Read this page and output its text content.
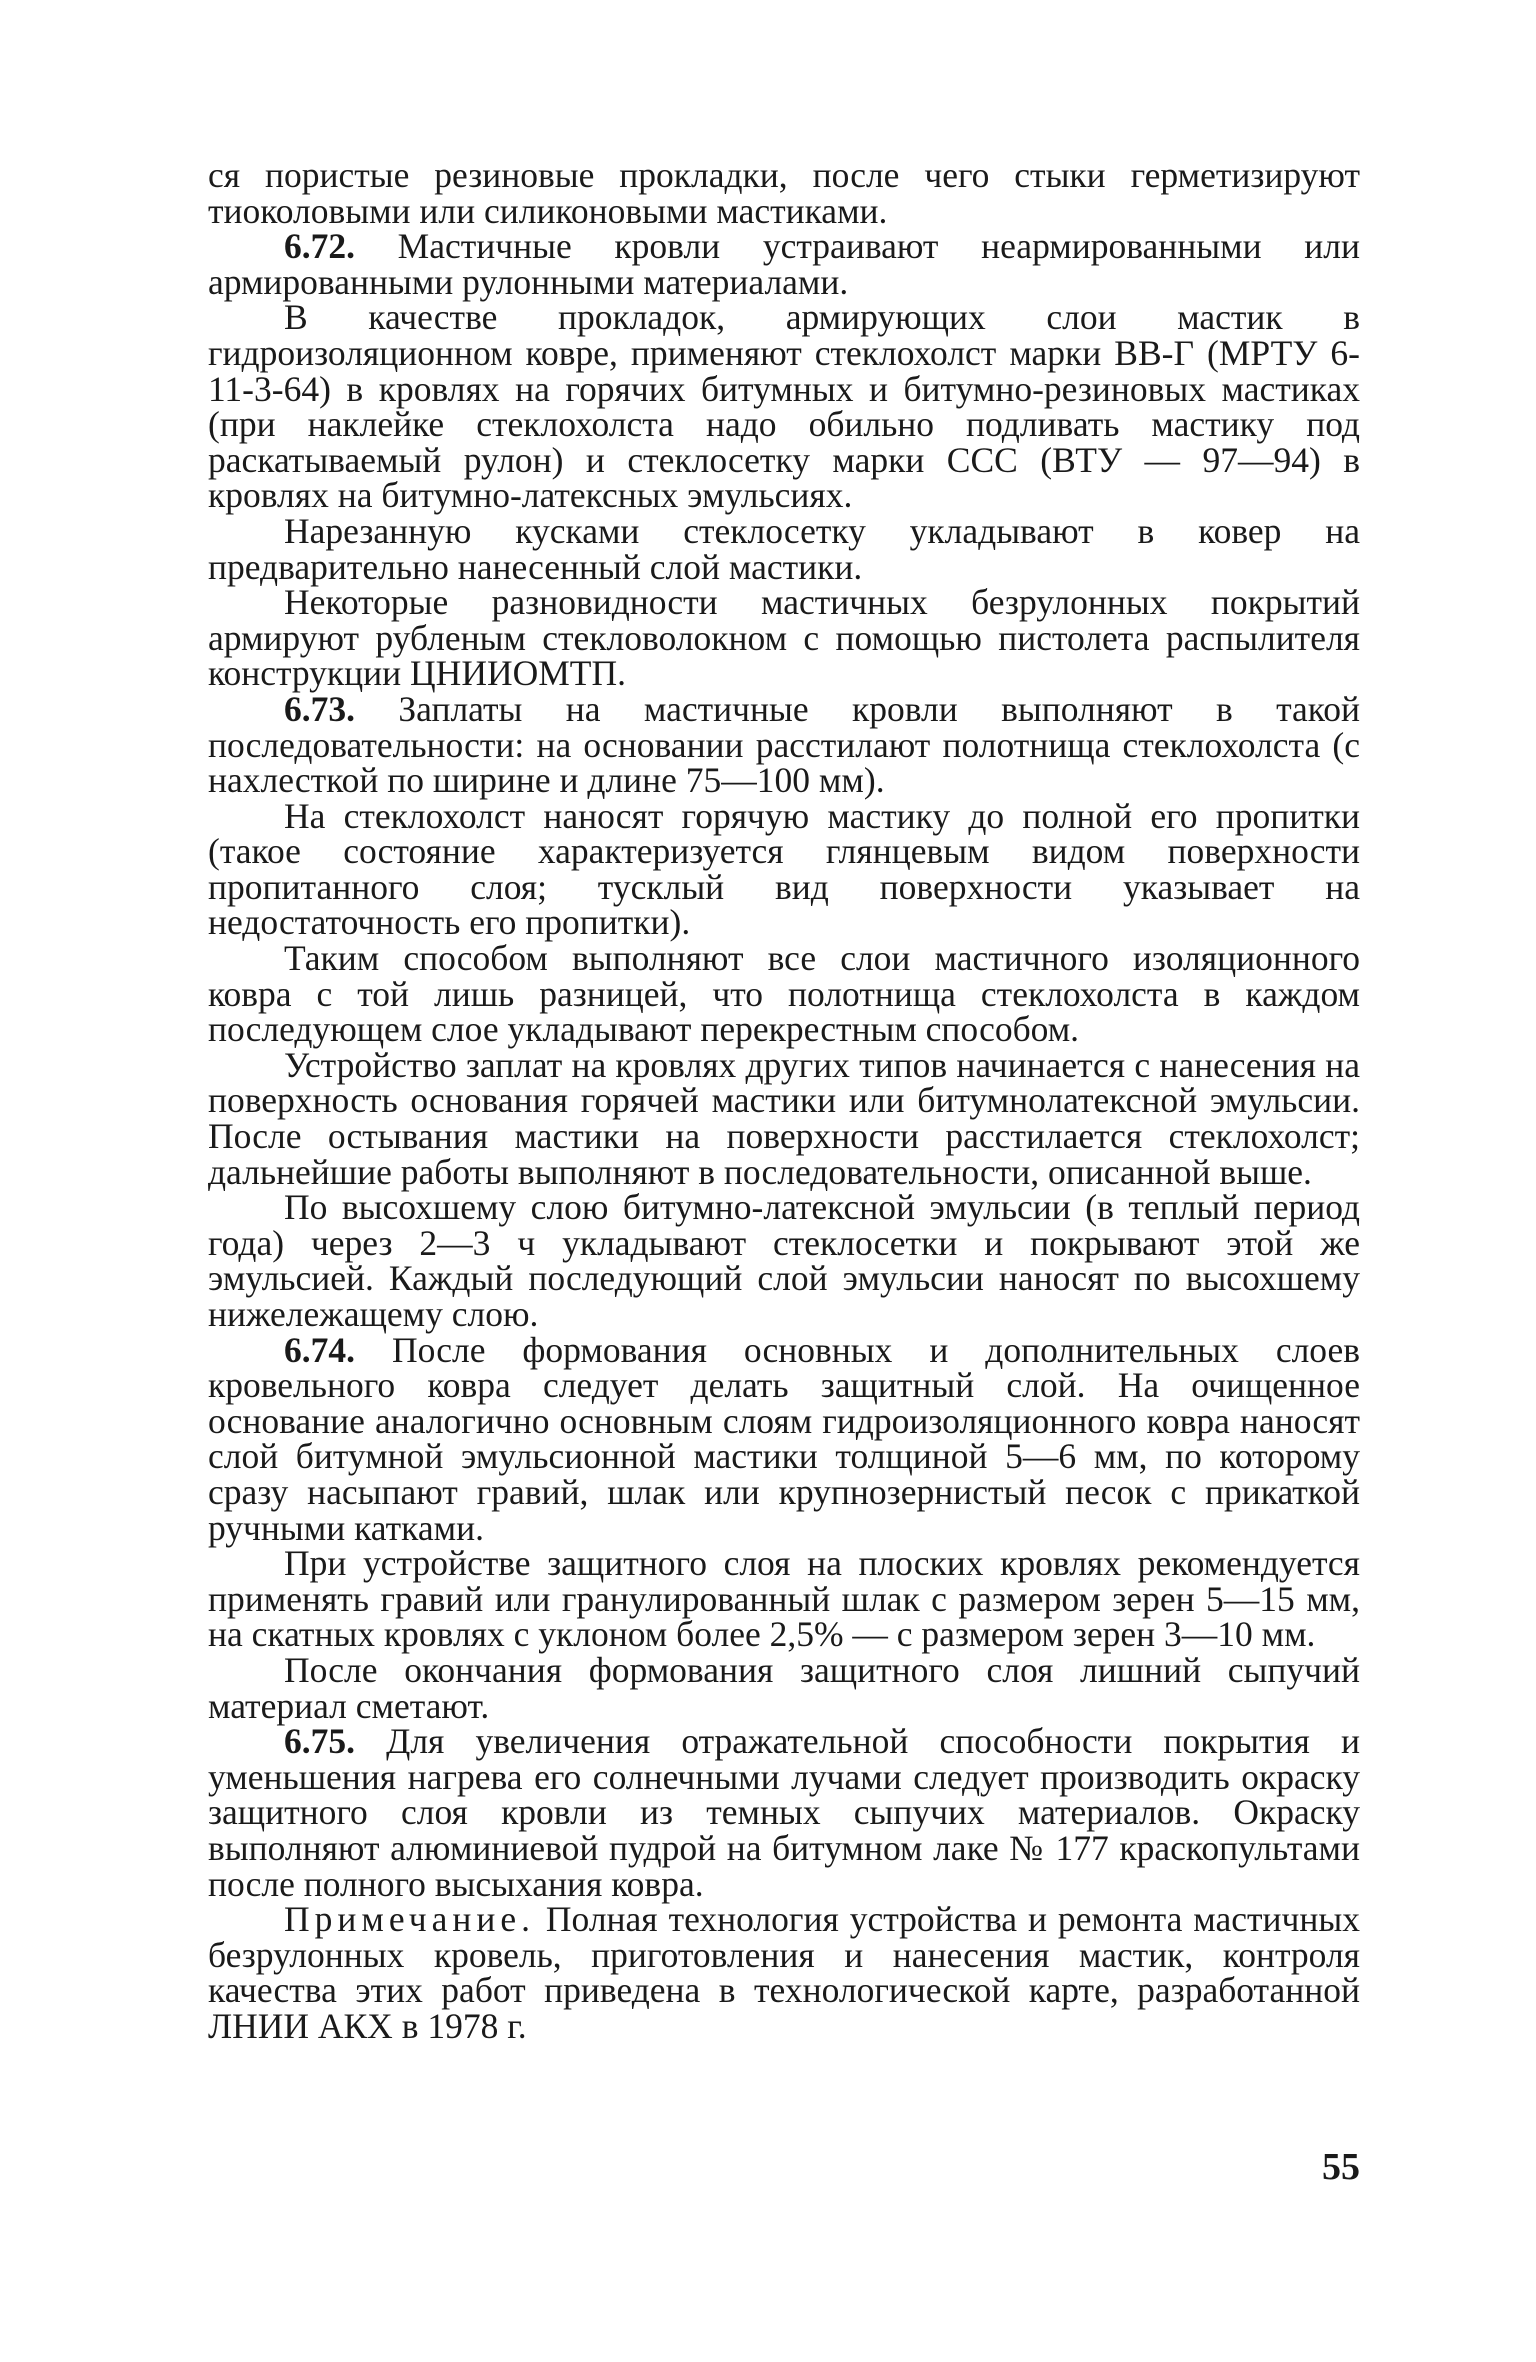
ся пористые резиновые прокладки, после чего стыки герметизируют тиоколовыми или силиконовыми мастиками.

6.72. Мастичные кровли устраивают неармированными или армированными рулонными материалами.

В качестве прокладок, армирующих слои мастик в гидроизоляционном ковре, применяют стеклохолст марки ВВ-Г (МРТУ 6-11-3-64) в кровлях на горячих битумных и битумно-резиновых мастиках (при наклейке стеклохолста надо обильно подливать мастику под раскатываемый рулон) и стеклосетку марки ССС (ВТУ — 97—94) в кровлях на битумно-латексных эмульсиях.

Нарезанную кусками стеклосетку укладывают в ковер на предварительно нанесенный слой мастики.

Некоторые разновидности мастичных безрулонных покрытий армируют рубленым стекловолокном с помощью пистолета распылителя конструкции ЦНИИОМТП.

6.73. Заплаты на мастичные кровли выполняют в такой последовательности: на основании расстилают полотнища стеклохолста (с нахлесткой по ширине и длине 75—100 мм).

На стеклохолст наносят горячую мастику до полной его пропитки (такое состояние характеризуется глянцевым видом поверхности пропитанного слоя; тусклый вид поверхности указывает на недостаточность его пропитки).

Таким способом выполняют все слои мастичного изоляционного ковра с той лишь разницей, что полотнища стеклохолста в каждом последующем слое укладывают перекрестным способом.

Устройство заплат на кровлях других типов начинается с нанесения на поверхность основания горячей мастики или битумнолатексной эмульсии. После остывания мастики на поверхности расстилается стеклохолст; дальнейшие работы выполняют в последовательности, описанной выше.

По высохшему слою битумно-латексной эмульсии (в теплый период года) через 2—3 ч укладывают стеклосетки и покрывают этой же эмульсией. Каждый последующий слой эмульсии наносят по высохшему нижележащему слою.

6.74. После формования основных и дополнительных слоев кровельного ковра следует делать защитный слой. На очищенное основание аналогично основным слоям гидроизоляционного ковра наносят слой битумной эмульсионной мастики толщиной 5—6 мм, по которому сразу насыпают гравий, шлак или крупнозернистый песок с прикаткой ручными катками.

При устройстве защитного слоя на плоских кровлях рекомендуется применять гравий или гранулированный шлак с размером зерен 5—15 мм, на скатных кровлях с уклоном более 2,5% — с размером зерен 3—10 мм.

После окончания формования защитного слоя лишний сыпучий материал сметают.

6.75. Для увеличения отражательной способности покрытия и уменьшения нагрева его солнечными лучами следует производить окраску защитного слоя кровли из темных сыпучих материалов. Окраску выполняют алюминиевой пудрой на битумном лаке № 177 краскопультами после полного высыхания ковра.

Примечание. Полная технология устройства и ремонта мастичных безрулонных кровель, приготовления и нанесения мастик, контроля качества этих работ приведена в технологической карте, разработанной ЛНИИ АКХ в 1978 г.

55
